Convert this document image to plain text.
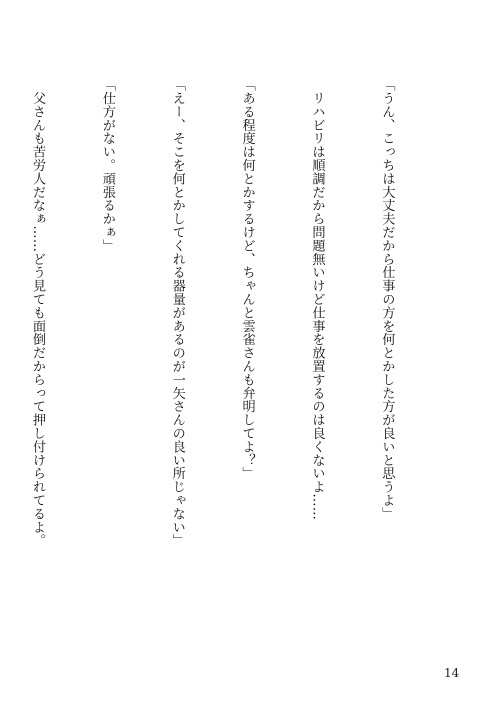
「うん、こっちは大丈夫だから仕事の方を何とかした方が良いと思うよ」

　リハビリは順調だから問題無いけど仕事を放置するのは良くないよ……

「ある程度は何とかするけど、ちゃんと雲雀さんも弁明してよ？」

「えー、そこを何とかしてくれる器量があるのが一矢さんの良い所じゃない」

「仕方がない。頑張るかぁ」

　父さんも苦労人だなぁ……どう見ても面倒だからって押し付けられてるよ。

14
